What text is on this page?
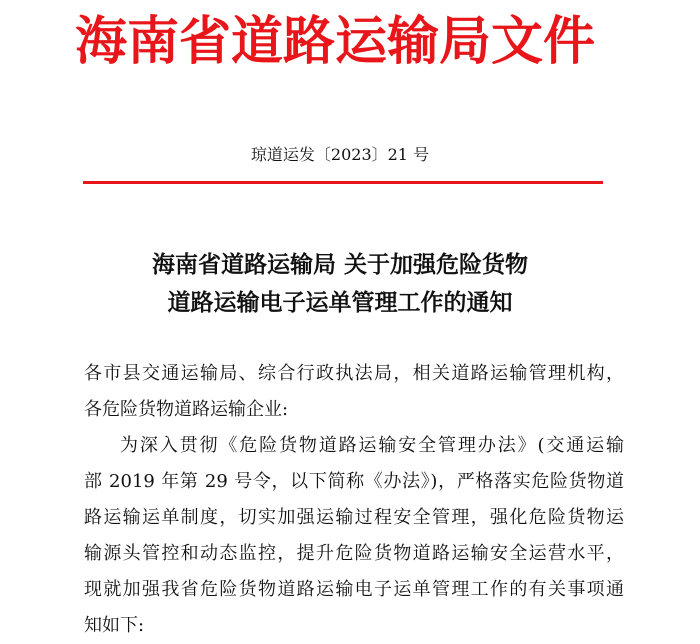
海南省道路运输局文件
琼道运发〔2023〕21 号
海南省道路运输局 关于加强危险货物
道路运输电子运单管理工作的通知
各市县交通运输局、综合行政执法局，相关道路运输管理机构，
各危险货物道路运输企业:
为深入贯彻《危险货物道路运输安全管理办法》(交通运输
部 2019 年第 29 号令，以下简称《办法》)，严格落实危险货物道
路运输运单制度，切实加强运输过程安全管理，强化危险货物运
输源头管控和动态监控，提升危险货物道路运输安全运营水平，
现就加强我省危险货物道路运输电子运单管理工作的有关事项通
知如下:
